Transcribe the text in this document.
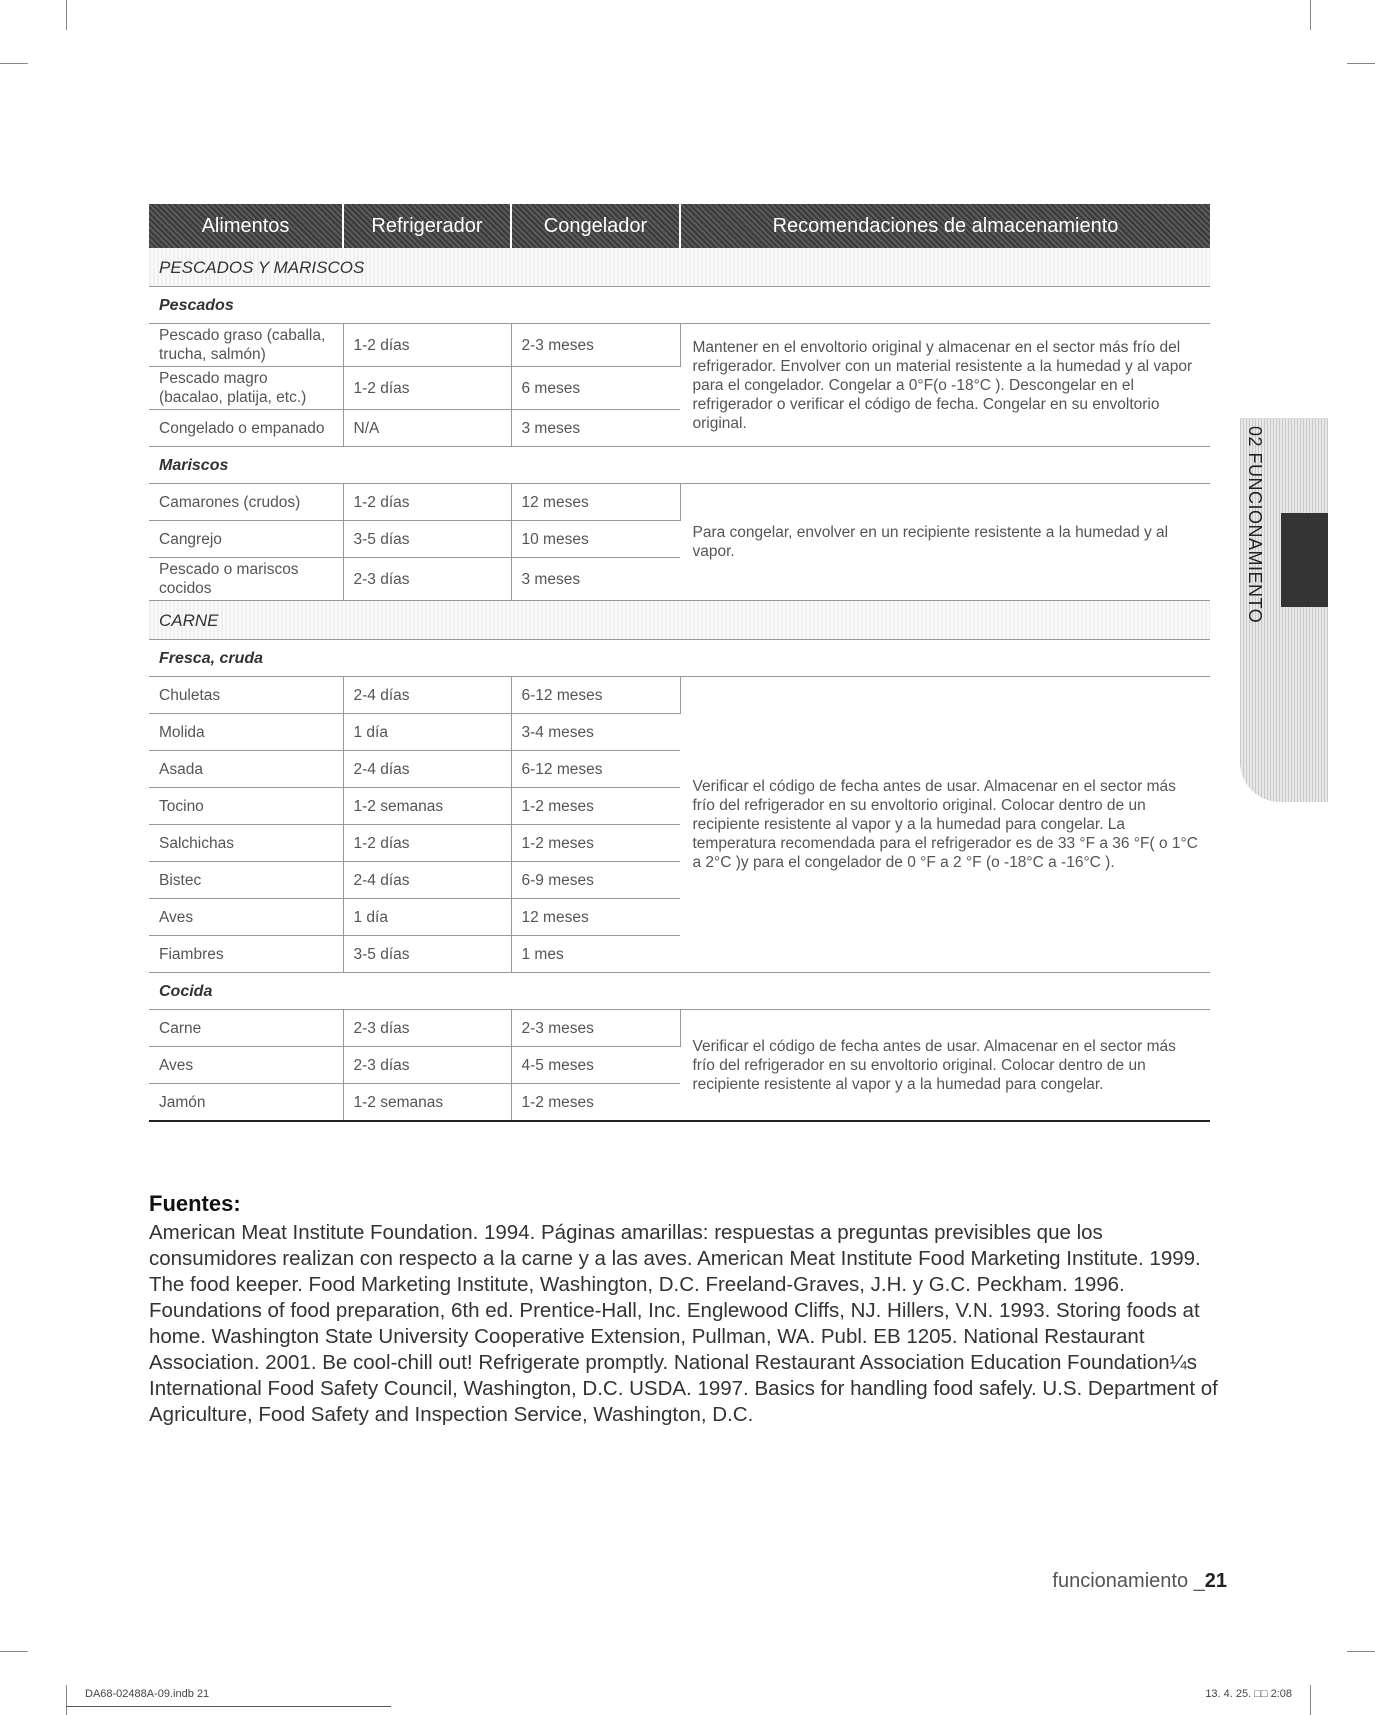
02 FUNCIONAMIENTO
Alimentos	Refrigerador	Congelador	Recomendaciones de almacenamiento
PESCADOS Y MARISCOS			
Pescados			
Pescado graso (caballa, trucha, salmón)	1-2 días	2-3 meses	Mantener en el envoltorio original y almacenar en el sector más frío del refrigerador. Envolver con un material resistente a la humedad y al vapor para el congelador. Congelar a 0°F(o -18°C ). Descongelar en el refrigerador o verificar el código de fecha. Congelar en su envoltorio original.
Pescado magro (bacalao, platija, etc.)	1-2 días	6 meses	
Congelado o empanado	N/A	3 meses	
Mariscos			
Camarones (crudos)	1-2 días	12 meses	Para congelar, envolver en un recipiente resistente a la humedad y al vapor.
Cangrejo	3-5 días	10 meses	
Pescado o mariscos cocidos	2-3 días	3 meses	
CARNE			
Fresca, cruda			
Chuletas	2-4 días	6-12 meses	Verificar el código de fecha antes de usar. Almacenar en el sector más frío del refrigerador en su envoltorio original. Colocar dentro de un recipiente resistente al vapor y a la humedad para congelar. La temperatura recomendada para el refrigerador es de 33 °F a 36 °F( o 1°C a 2°C )y para el congelador de 0 °F a 2 °F (o -18°C a -16°C ).
Molida	1 día	3-4 meses	
Asada	2-4 días	6-12 meses	
Tocino	1-2 semanas	1-2 meses	
Salchichas	1-2 días	1-2 meses	
Bistec	2-4 días	6-9 meses	
Aves	1 día	12 meses	
Fiambres	3-5 días	1 mes	
Cocida			
Carne	2-3 días	2-3 meses	Verificar el código de fecha antes de usar. Almacenar en el sector más frío del refrigerador en su envoltorio original. Colocar dentro de un recipiente resistente al vapor y a la humedad para congelar.
Aves	2-3 días	4-5 meses	
Jamón	1-2 semanas	1-2 meses	
Fuentes:

American Meat Institute Foundation. 1994. Páginas amarillas: respuestas a preguntas previsibles que los consumidores realizan con respecto a la carne y a las aves. American Meat Institute Food Marketing Institute. 1999. The food keeper. Food Marketing Institute, Washington, D.C. Freeland-Graves, J.H. y G.C. Peckham. 1996. Foundations of food preparation, 6th ed. Prentice-Hall, Inc. Englewood Cliffs, NJ. Hillers, V.N. 1993. Storing foods at home. Washington State University Cooperative Extension, Pullman, WA. Publ. EB 1205. National Restaurant Association. 2001. Be cool-chill out! Refrigerate promptly. National Restaurant Association Education Foundation¼s International Food Safety Council, Washington, D.C. USDA. 1997. Basics for handling food safely. U.S. Department of Agriculture, Food Safety and Inspection Service, Washington, D.C.

funcionamiento _21
DA68-02488A-09.indb 21	13. 4. 25. □□ 2:08
